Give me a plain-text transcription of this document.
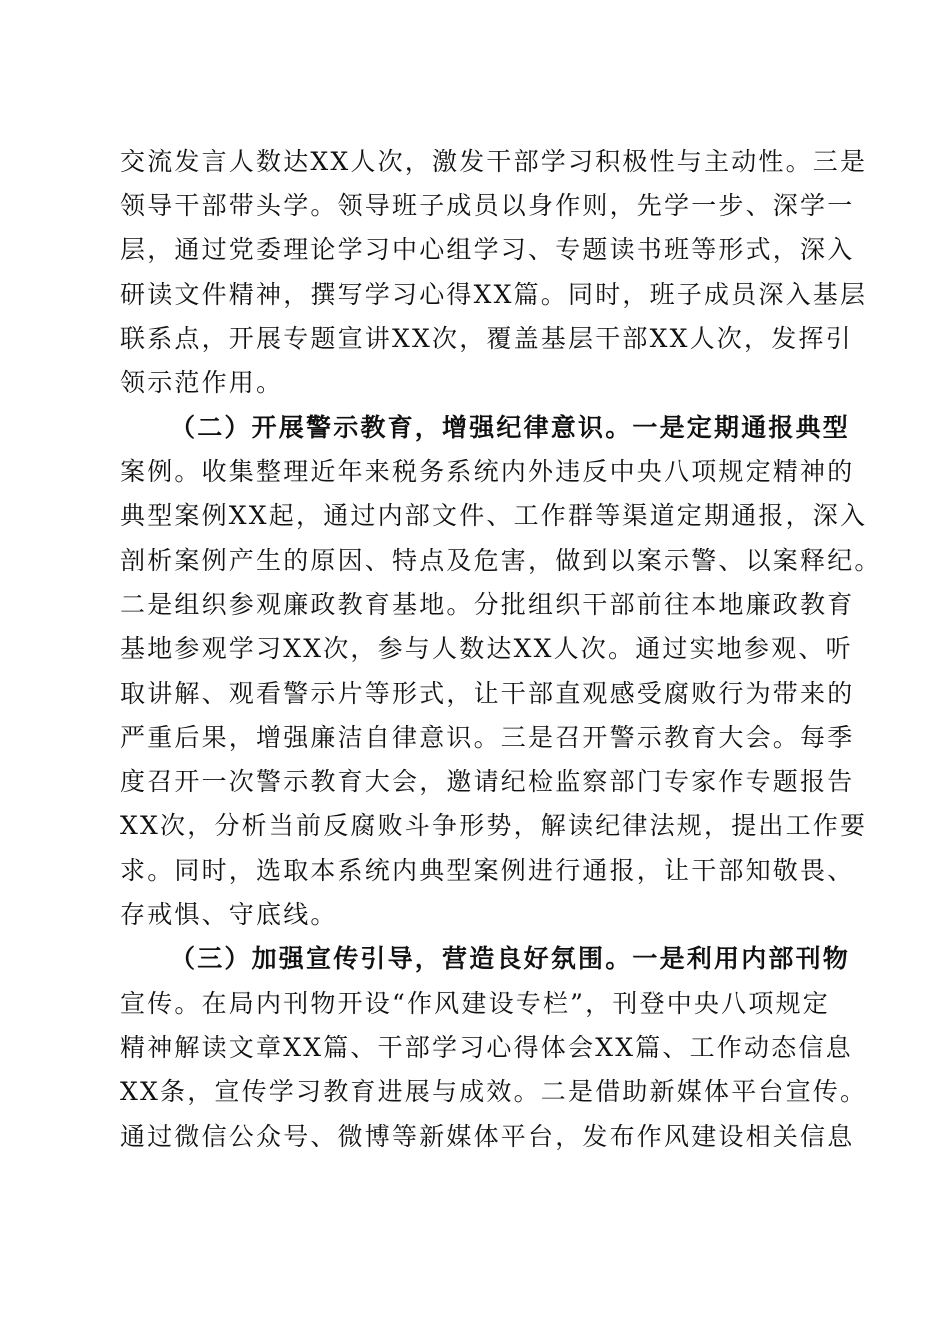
交流发言人数达XX人次，激发干部学习积极性与主动性。三是
领导干部带头学。领导班子成员以身作则，先学一步、深学一
层，通过党委理论学习中心组学习、专题读书班等形式，深入
研读文件精神，撰写学习心得XX篇。同时，班子成员深入基层
联系点，开展专题宣讲XX次，覆盖基层干部XX人次，发挥引
领示范作用。
（二）开展警示教育，增强纪律意识。一是定期通报典型
案例。收集整理近年来税务系统内外违反中央八项规定精神的
典型案例XX起，通过内部文件、工作群等渠道定期通报，深入
剖析案例产生的原因、特点及危害，做到以案示警、以案释纪。
二是组织参观廉政教育基地。分批组织干部前往本地廉政教育
基地参观学习XX次，参与人数达XX人次。通过实地参观、听
取讲解、观看警示片等形式，让干部直观感受腐败行为带来的
严重后果，增强廉洁自律意识。三是召开警示教育大会。每季
度召开一次警示教育大会，邀请纪检监察部门专家作专题报告
XX次，分析当前反腐败斗争形势，解读纪律法规，提出工作要
求。同时，选取本系统内典型案例进行通报，让干部知敬畏、
存戒惧、守底线。
（三）加强宣传引导，营造良好氛围。一是利用内部刊物
宣传。在局内刊物开设“作风建设专栏”，刊登中央八项规定
精神解读文章XX篇、干部学习心得体会XX篇、工作动态信息
XX条，宣传学习教育进展与成效。二是借助新媒体平台宣传。
通过微信公众号、微博等新媒体平台，发布作风建设相关信息
